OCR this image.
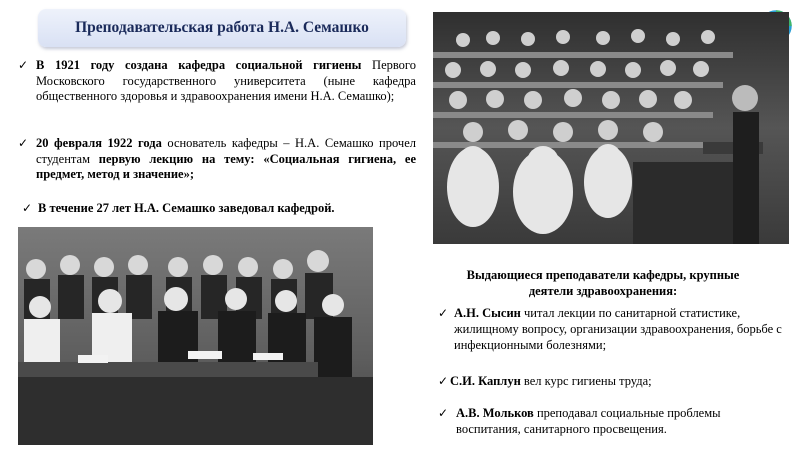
Преподавательская работа Н.А. Семашко
✓ В 1921 году создана кафедра социальной гигиены Первого Московского государственного университета (ныне кафедра общественного здоровья и здравоохранения имени Н.А. Семашко);
✓ 20 февраля 1922 года основатель кафедры – Н.А. Семашко прочел студентам первую лекцию на тему: «Социальная гигиена, ее предмет, метод и значение»;
✓ В течение 27 лет Н.А. Семашко заведовал кафедрой.
Выдающиеся преподаватели кафедры, крупные деятели здравоохранения:
✓ А.Н. Сысин читал лекции по санитарной статистике, жилищному вопросу, организации здравоохранения, борьбе с инфекционными болезнями;
✓ С.И. Каплун вел курс гигиены труда;
✓ А.В. Мольков преподавал социальные проблемы воспитания, санитарного просвещения.
